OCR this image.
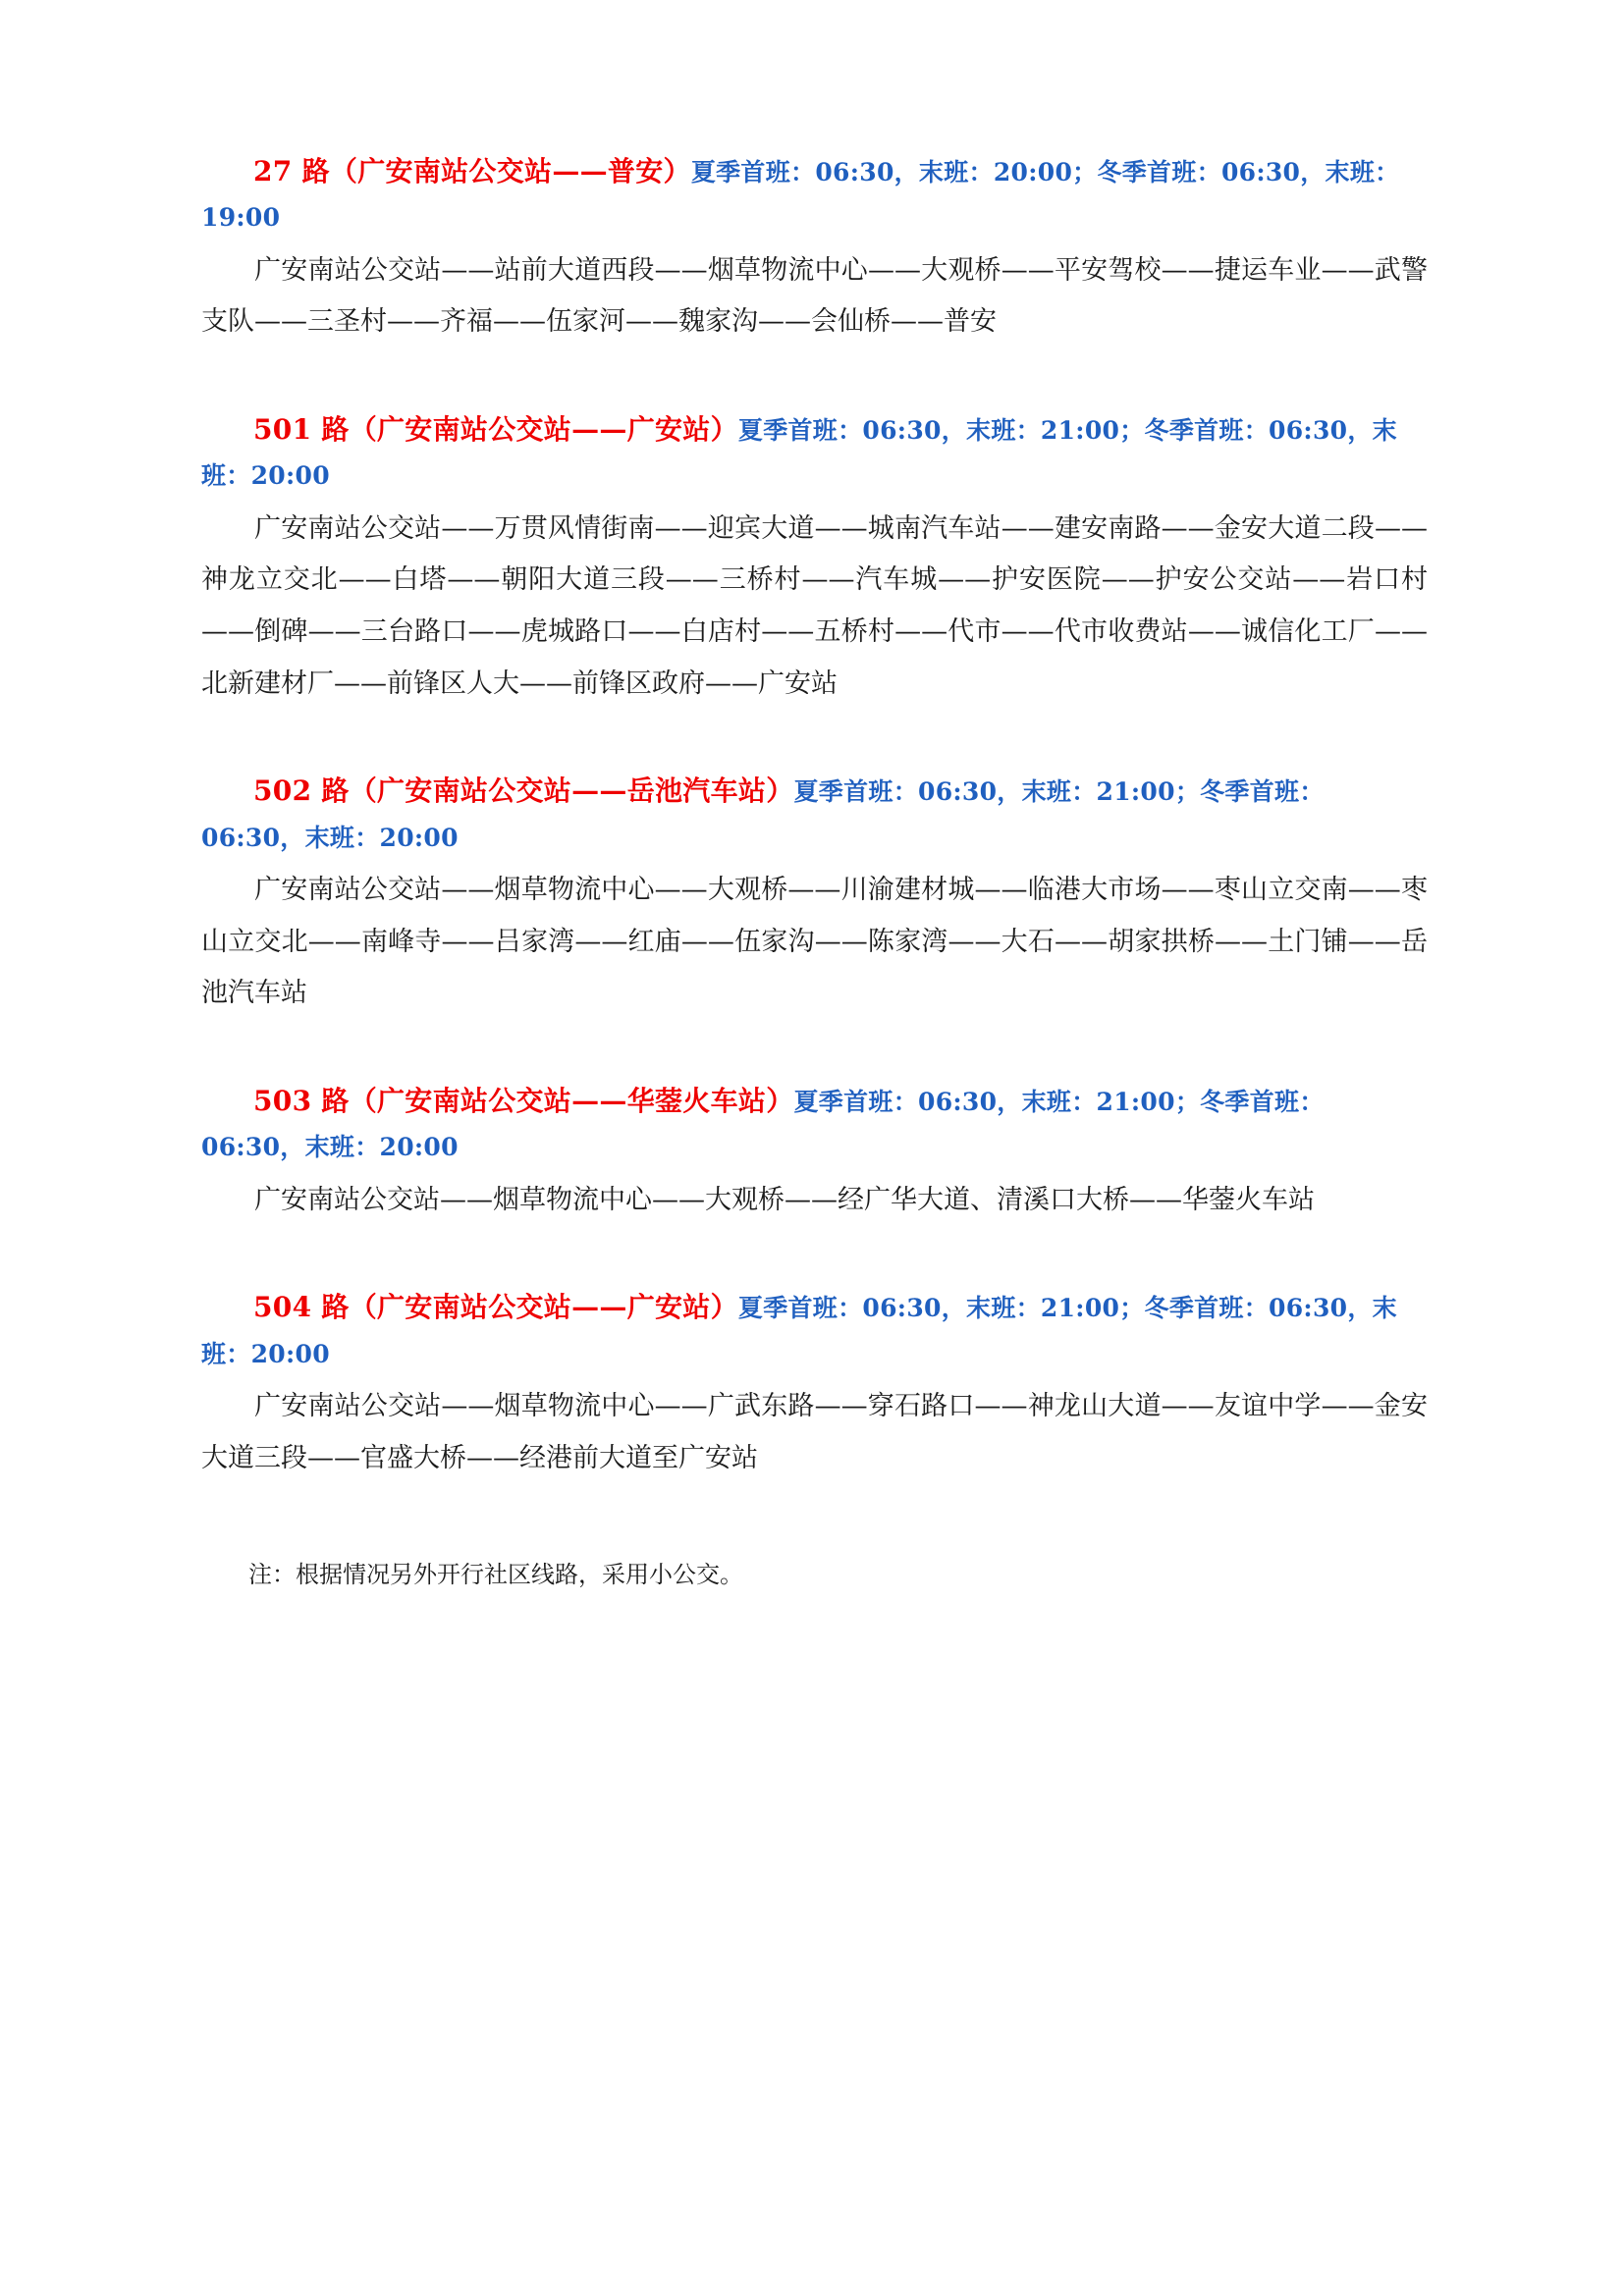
27 路（广安南站公交站——普安）夏季首班：06:30，末班：20:00；冬季首班：06:30，末班：19:00

广安南站公交站——站前大道西段——烟草物流中心——大观桥——平安驾校——捷运车业——武警支队——三圣村——齐福——伍家河——魏家沟——会仙桥——普安

501 路（广安南站公交站——广安站）夏季首班：06:30，末班：21:00；冬季首班：06:30，末班：20:00

广安南站公交站——万贯风情街南——迎宾大道——城南汽车站——建安南路——金安大道二段——神龙立交北——白塔——朝阳大道三段——三桥村——汽车城——护安医院——护安公交站——岩口村——倒碑——三台路口——虎城路口——白店村——五桥村——代市——代市收费站——诚信化工厂——北新建材厂——前锋区人大——前锋区政府——广安站

502 路（广安南站公交站——岳池汽车站）夏季首班：06:30，末班：21:00；冬季首班：06:30，末班：20:00

广安南站公交站——烟草物流中心——大观桥——川渝建材城——临港大市场——枣山立交南——枣山立交北——南峰寺——吕家湾——红庙——伍家沟——陈家湾——大石——胡家拱桥——土门铺——岳池汽车站

503 路（广安南站公交站——华蓥火车站）夏季首班：06:30，末班：21:00；冬季首班：06:30，末班：20:00

广安南站公交站——烟草物流中心——大观桥——经广华大道、清溪口大桥——华蓥火车站

504 路（广安南站公交站——广安站）夏季首班：06:30，末班：21:00；冬季首班：06:30，末班：20:00

广安南站公交站——烟草物流中心——广武东路——穿石路口——神龙山大道——友谊中学——金安大道三段——官盛大桥——经港前大道至广安站

注：根据情况另外开行社区线路，采用小公交。
